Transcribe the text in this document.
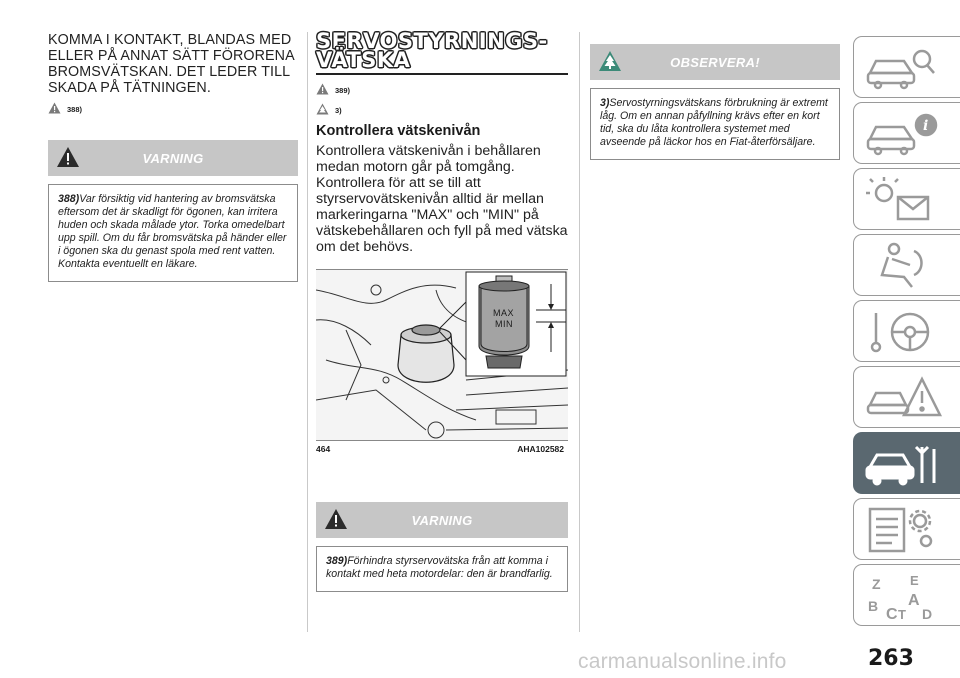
KOMMA I KONTAKT, BLANDAS MED ELLER PÅ ANNAT SÄTT FÖRORENA BROMSVÄTSKAN. DET LEDER TILL SKADA PÅ TÄTNINGEN.
388)
VARNING
388)Var försiktig vid hantering av bromsvätska eftersom det är skadligt för ögonen, kan irritera huden och skada målade ytor. Torka omedelbart upp spill. Om du får bromsvätska på händer eller i ögonen ska du genast spola med rent vatten. Kontakta eventuellt en läkare.
SERVOSTYRNINGS-
VÄTSKA
389)
3)
Kontrollera vätskenivån
Kontrollera vätskenivån i behållaren medan motorn går på tomgång. Kontrollera för att se till att styrservovätskenivån alltid är mellan markeringarna "MAX" och "MIN" på vätskebehållaren och fyll på med vätska om det behövs.
MAX
MIN
464	AHA102582
VARNING
389)Förhindra styrservovätska från att komma i kontakt med heta motordelar: den är brandfarlig.
OBSERVERA!
3)Servostyrningsvätskans förbrukning är extremt låg. Om en annan påfyllning krävs efter en kort tid, ska du låta kontrollera systemet med avseende på läckor hos en Fiat-återförsäljare.
i
Z E
B A
C T D
carmanualsonline.info	263
